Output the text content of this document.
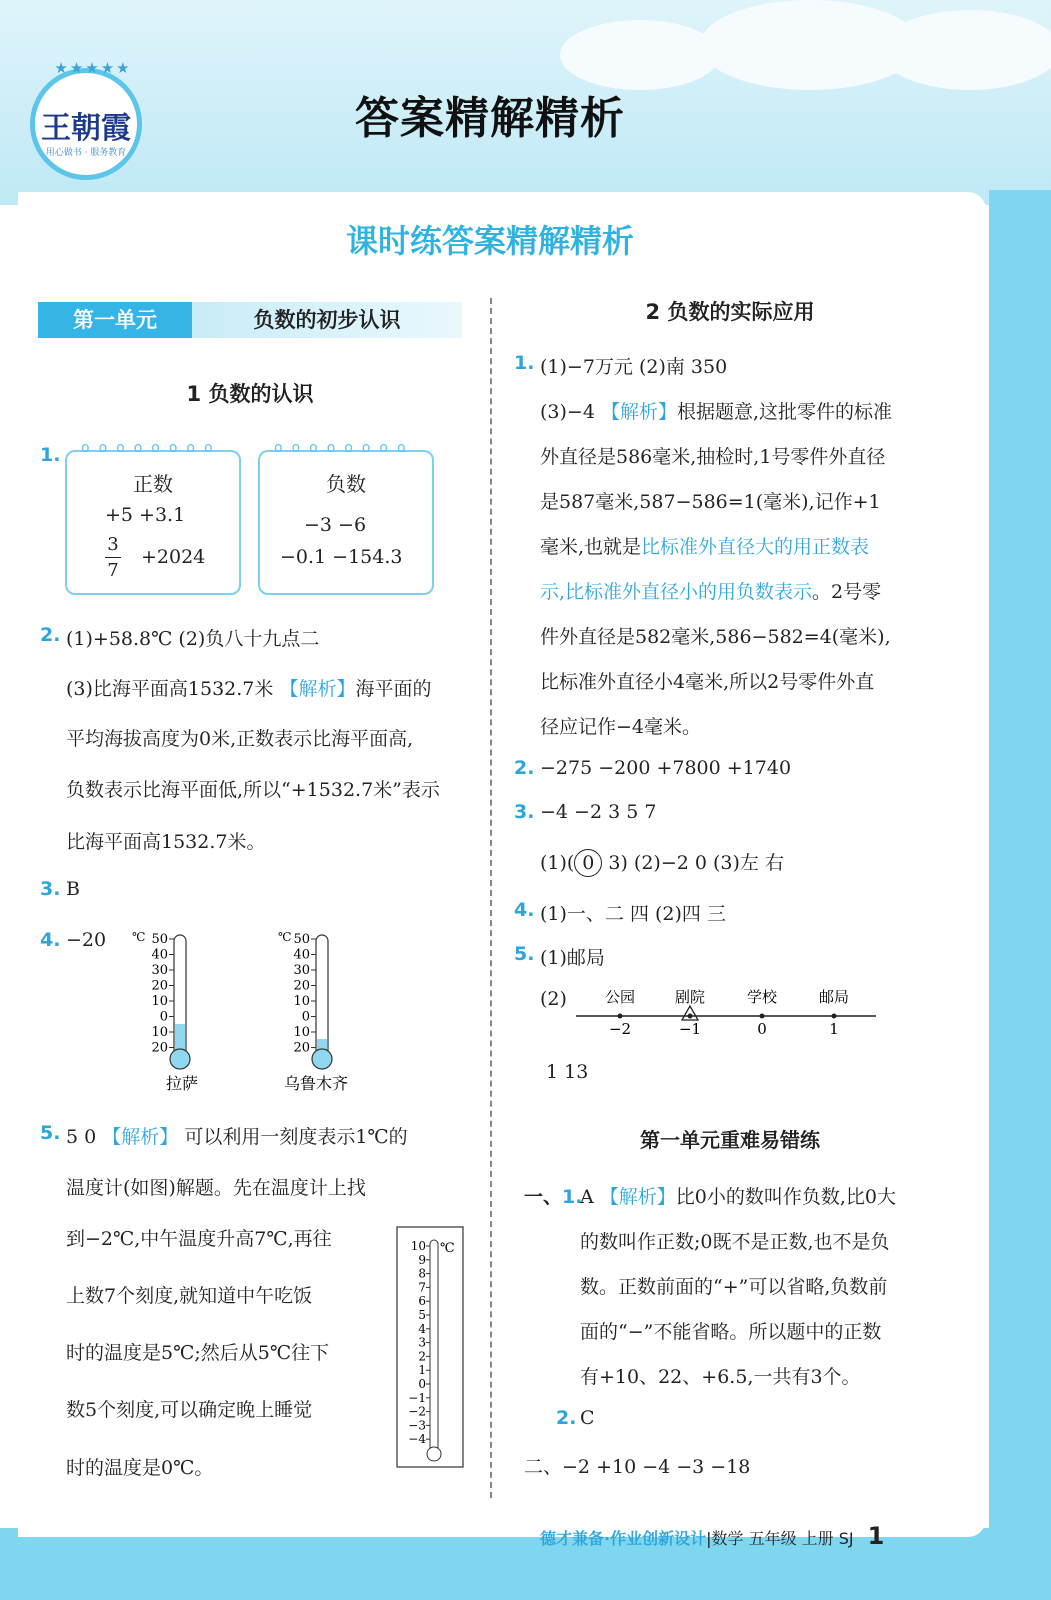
★★★★★
王朝霞
用心做书 · 服务教育
答案精解精析
课时练答案精解精析
第一单元	负数的初步认识
1 负数的认识
1. oooooooo
正数
+5 +3.1
3
7
+2024
oooooooo
负数
−3 −6
−0.1 −154.3
2. (1)+58.8℃ (2)负八十九点二
(3)比海平面高1532.7米 【解析】海平面的
平均海拔高度为0米,正数表示比海平面高,
负数表示比海平面低,所以“+1532.7米”表示
比海平面高1532.7米。
3. B
4. −20 ℃ 50
40
30
20
10
0
10
20
拉萨
℃ 50
40
30
20
10
0
10
20
乌鲁木齐
5. 5 0 【解析】 可以利用一刻度表示1℃的
温度计(如图)解题。先在温度计上找
到−2℃,中午温度升高7℃,再往
上数7个刻度,就知道中午吃饭
时的温度是5℃;然后从5℃往下
数5个刻度,可以确定晚上睡觉
时的温度是0℃。
℃
10
9
8
7
6
5
4
3
2
1
0
−1
−2
−3
−4
2 负数的实际应用
1. (1)−7万元 (2)南 350
(3)−4 【解析】根据题意,这批零件的标准
外直径是586毫米,抽检时,1号零件外直径
是587毫米,587−586=1(毫米),记作+1
毫米,也就是比标准外直径大的用正数表
示,比标准外直径小的用负数表示。2号零
件外直径是582毫米,586−582=4(毫米),
比标准外直径小4毫米,所以2号零件外直
径应记作−4毫米。
2. −275 −200 +7800 +1740
3. −4 −2 3 5 7
(1)( 0 3) (2)−2 0 (3)左 右
4. (1)一、二 四 (2)四 三
5. (1)邮局
(2)	公园
−2
剧院
−1
学校
0
邮局
1
1 13
第一单元重难易错练
一、1.
A 【解析】比0小的数叫作负数,比0大
的数叫作正数;0既不是正数,也不是负
数。正数前面的“+”可以省略,负数前
面的“−”不能省略。所以题中的正数
有+10、22、+6.5,一共有3个。
2. C
二、−2 +10 −4 −3 −18
德才兼备·作业创新设计|数学 五年级 上册 SJ 1
